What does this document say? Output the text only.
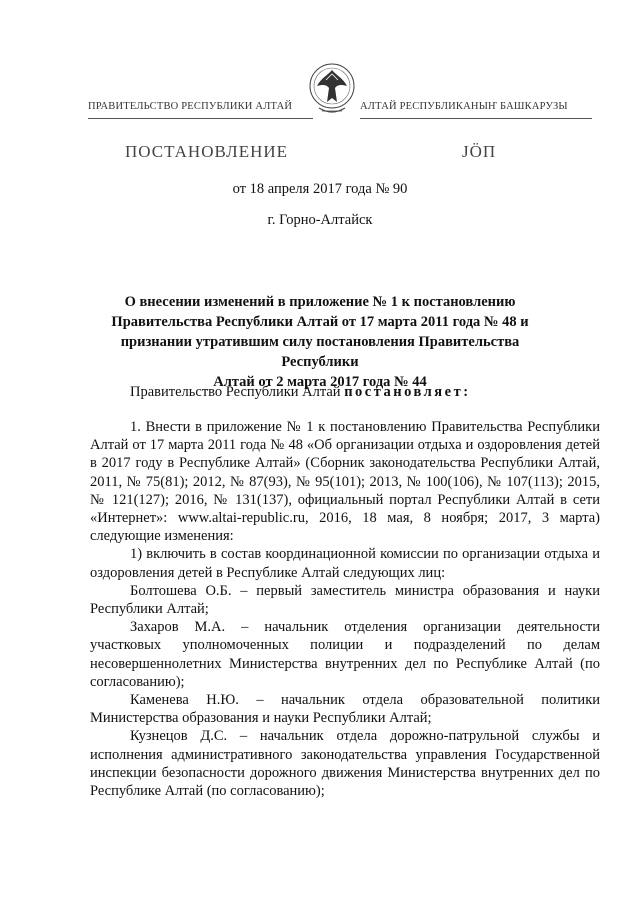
ПРАВИТЕЛЬСТВО РЕСПУБЛИКИ АЛТАЙ	АЛТАЙ РЕСПУБЛИКАНЫҤ БАШКАРУЗЫ
ПОСТАНОВЛЕНИЕ	JÖП
от 18 апреля 2017 года № 90
г. Горно-Алтайск
О внесении изменений в приложение № 1 к постановлению
Правительства Республики Алтай от 17 марта 2011 года № 48 и
признании утратившим силу постановления Правительства Республики
Алтай от 2 марта 2017 года № 44
Правительство Республики Алтай постановляет:

1. Внести в приложение № 1 к постановлению Правительства Республики Алтай от 17 марта 2011 года № 48 «Об организации отдыха и оздоровления детей в 2017 году в Республике Алтай» (Сборник законодательства Республики Алтай, 2011, № 75(81); 2012, № 87(93), № 95(101); 2013, № 100(106), № 107(113); 2015, № 121(127); 2016, № 131(137), официальный портал Республики Алтай в сети «Интернет»: www.altai-republic.ru, 2016, 18 мая, 8 ноября; 2017, 3 марта) следующие изменения:

1) включить в состав координационной комиссии по организации отдыха и оздоровления детей в Республике Алтай следующих лиц:

Болтошева О.Б. – первый заместитель министра образования и науки Республики Алтай;

Захаров М.А. – начальник отделения организации деятельности участковых уполномоченных полиции и подразделений по делам несовершеннолетних Министерства внутренних дел по Республике Алтай (по согласованию);

Каменева Н.Ю. – начальник отдела образовательной политики Министерства образования и науки Республики Алтай;

Кузнецов Д.С. – начальник отдела дорожно-патрульной службы и исполнения административного законодательства управления Государственной инспекции безопасности дорожного движения Министерства внутренних дел по Республике Алтай (по согласованию);
